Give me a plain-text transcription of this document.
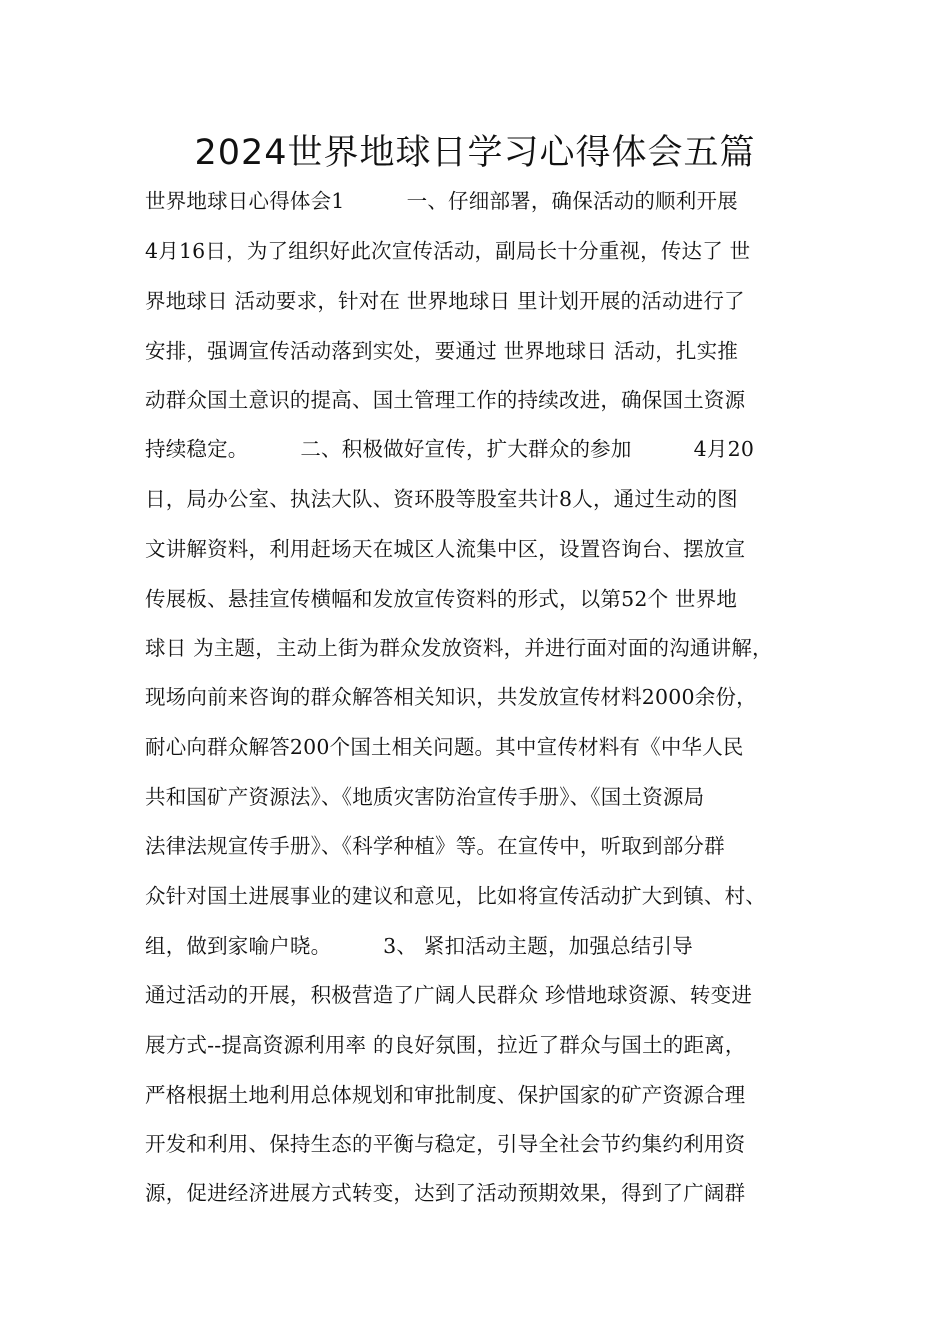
2024世界地球日学习心得体会五篇
世界地球日心得体会1　　　一、仔细部署，确保活动的顺利开展
4月16日，为了组织好此次宣传活动，副局长十分重视，传达了 世
界地球日 活动要求，针对在 世界地球日 里计划开展的活动进行了
安排，强调宣传活动落到实处，要通过 世界地球日 活动，扎实推
动群众国土意识的提高、国土管理工作的持续改进，确保国土资源
持续稳定。　　　二、积极做好宣传，扩大群众的参加　　　4月20
日，局办公室、执法大队、资环股等股室共计8人，通过生动的图
文讲解资料，利用赶场天在城区人流集中区，设置咨询台、摆放宣
传展板、悬挂宣传横幅和发放宣传资料的形式，以第52个 世界地
球日 为主题，主动上街为群众发放资料，并进行面对面的沟通讲解，
现场向前来咨询的群众解答相关知识，共发放宣传材料2000余份，
耐心向群众解答200个国土相关问题。其中宣传材料有《中华人民
共和国矿产资源法》、《地质灾害防治宣传手册》、《国土资源局
法律法规宣传手册》、《科学种植》等。在宣传中，听取到部分群
众针对国土进展事业的建议和意见，比如将宣传活动扩大到镇、村、
组，做到家喻户晓。　　　3、 紧扣活动主题，加强总结引导
通过活动的开展，积极营造了广阔人民群众 珍惜地球资源、转变进
展方式--提高资源利用率 的良好氛围，拉近了群众与国土的距离，
严格根据土地利用总体规划和审批制度、保护国家的矿产资源合理
开发和利用、保持生态的平衡与稳定，引导全社会节约集约利用资
源，促进经济进展方式转变，达到了活动预期效果，得到了广阔群
